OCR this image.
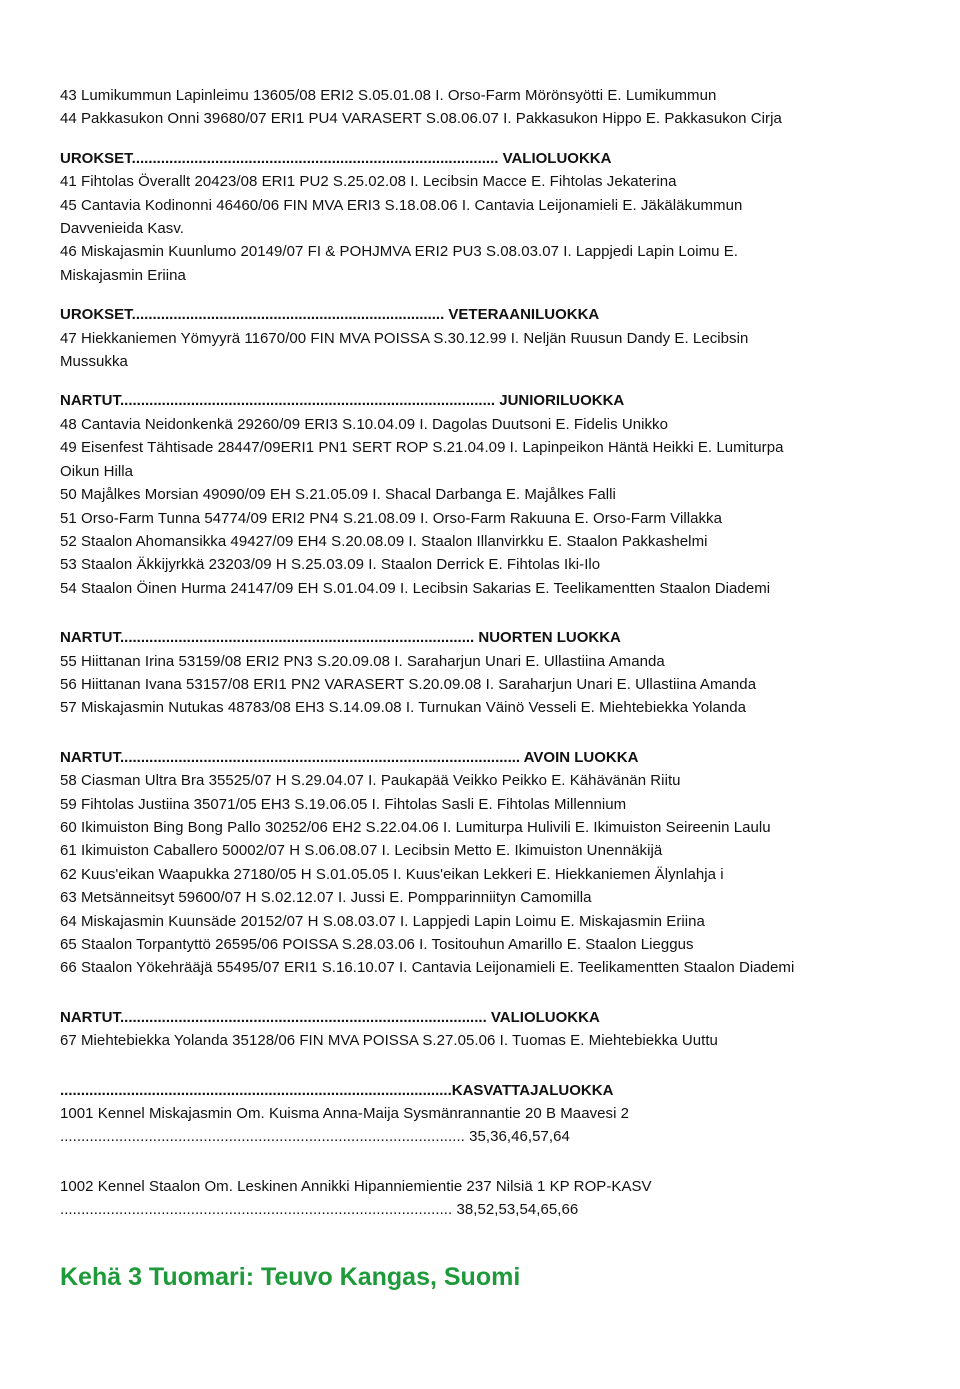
43 Lumikummun Lapinleimu 13605/08 ERI2 S.05.01.08 I. Orso-Farm Mörönsyötti E. Lumikummun
44 Pakkasukon Onni 39680/07 ERI1 PU4 VARASERT S.08.06.07 I. Pakkasukon Hippo E. Pakkasukon Cirja
UROKSET........................................................................................ VALIOLUOKKA
41 Fihtolas Överallt 20423/08 ERI1 PU2 S.25.02.08 I. Lecibsin Macce E. Fihtolas Jekaterina
45 Cantavia Kodinonni 46460/06 FIN MVA ERI3 S.18.08.06 I. Cantavia Leijonamieli E. Jäkäläkummun
Davvenieida Kasv.
46 Miskajasmin Kuunlumo 20149/07 FI & POHJMVA ERI2 PU3 S.08.03.07 I. Lappjedi Lapin Loimu E.
Miskajasmin Eriina
UROKSET........................................................................... VETERAANILUOKKA
47 Hiekkaniemen Yömyyrä 11670/00 FIN MVA POISSA S.30.12.99 I. Neljän Ruusun Dandy E. Lecibsin
Mussukka
NARTUT.......................................................................................... JUNIORILUOKKA
48 Cantavia Neidonkenkä 29260/09 ERI3 S.10.04.09 I. Dagolas Duutsoni E. Fidelis Unikko
49 Eisenfest Tähtisade 28447/09ERI1 PN1 SERT ROP S.21.04.09 I. Lapinpeikon Häntä Heikki E. Lumiturpa
Oikun Hilla
50 Majålkes Morsian 49090/09 EH S.21.05.09 I. Shacal Darbanga E. Majålkes Falli
51 Orso-Farm Tunna 54774/09 ERI2 PN4 S.21.08.09 I. Orso-Farm Rakuuna E. Orso-Farm Villakka
52 Staalon Ahomansikka 49427/09 EH4 S.20.08.09 I. Staalon Illanvirkku E. Staalon Pakkashelmi
53 Staalon Äkkijyrkkä 23203/09 H S.25.03.09 I. Staalon Derrick E. Fihtolas Iki-Ilo
54 Staalon Öinen Hurma 24147/09 EH S.01.04.09 I. Lecibsin Sakarias E. Teelikamentten Staalon Diademi
NARTUT..................................................................................... NUORTEN LUOKKA
55 Hiittanan Irina 53159/08 ERI2 PN3 S.20.09.08 I. Saraharjun Unari E. Ullastiina Amanda
56 Hiittanan Ivana 53157/08 ERI1 PN2 VARASERT S.20.09.08 I. Saraharjun Unari E. Ullastiina Amanda
57 Miskajasmin Nutukas 48783/08 EH3 S.14.09.08 I. Turnukan Väinö Vesseli E. Miehtebiekka Yolanda
NARTUT................................................................................................ AVOIN LUOKKA
58 Ciasman Ultra Bra 35525/07 H S.29.04.07 I. Paukapää Veikko Peikko E. Kähävänän Riitu
59 Fihtolas Justiina 35071/05 EH3 S.19.06.05 I. Fihtolas Sasli E. Fihtolas Millennium
60 Ikimuiston Bing Bong Pallo 30252/06 EH2 S.22.04.06 I. Lumiturpa Hulivili E. Ikimuiston Seireenin Laulu
61 Ikimuiston Caballero 50002/07 H S.06.08.07 I. Lecibsin Metto E. Ikimuiston Unennäkijä
62 Kuus'eikan Waapukka 27180/05 H S.01.05.05 I. Kuus'eikan Lekkeri E. Hiekkaniemen Älynlahja i
63 Metsänneitsyt 59600/07 H S.02.12.07 I. Jussi E. Pompparinniityn Camomilla
64 Miskajasmin Kuunsäde 20152/07 H S.08.03.07 I. Lappjedi Lapin Loimu E. Miskajasmin Eriina
65 Staalon Torpantyttö 26595/06 POISSA S.28.03.06 I. Tositouhun Amarillo E. Staalon Lieggus
66 Staalon Yökehrääjä 55495/07 ERI1 S.16.10.07 I. Cantavia Leijonamieli E. Teelikamentten Staalon Diademi
NARTUT........................................................................................ VALIOLUOKKA
67 Miehtebiekka Yolanda 35128/06 FIN MVA POISSA S.27.05.06 I. Tuomas E. Miehtebiekka Uuttu
..............................................................................................KASVATTAJALUOKKA
1001 Kennel Miskajasmin Om. Kuisma Anna-Maija Sysmänrannantie 20 B Maavesi 2
................................................................................................ 35,36,46,57,64
1002 Kennel Staalon Om. Leskinen Annikki Hipanniemientie 237 Nilsiä 1 KP ROP-KASV
............................................................................................. 38,52,53,54,65,66
Kehä 3 Tuomari: Teuvo Kangas, Suomi
